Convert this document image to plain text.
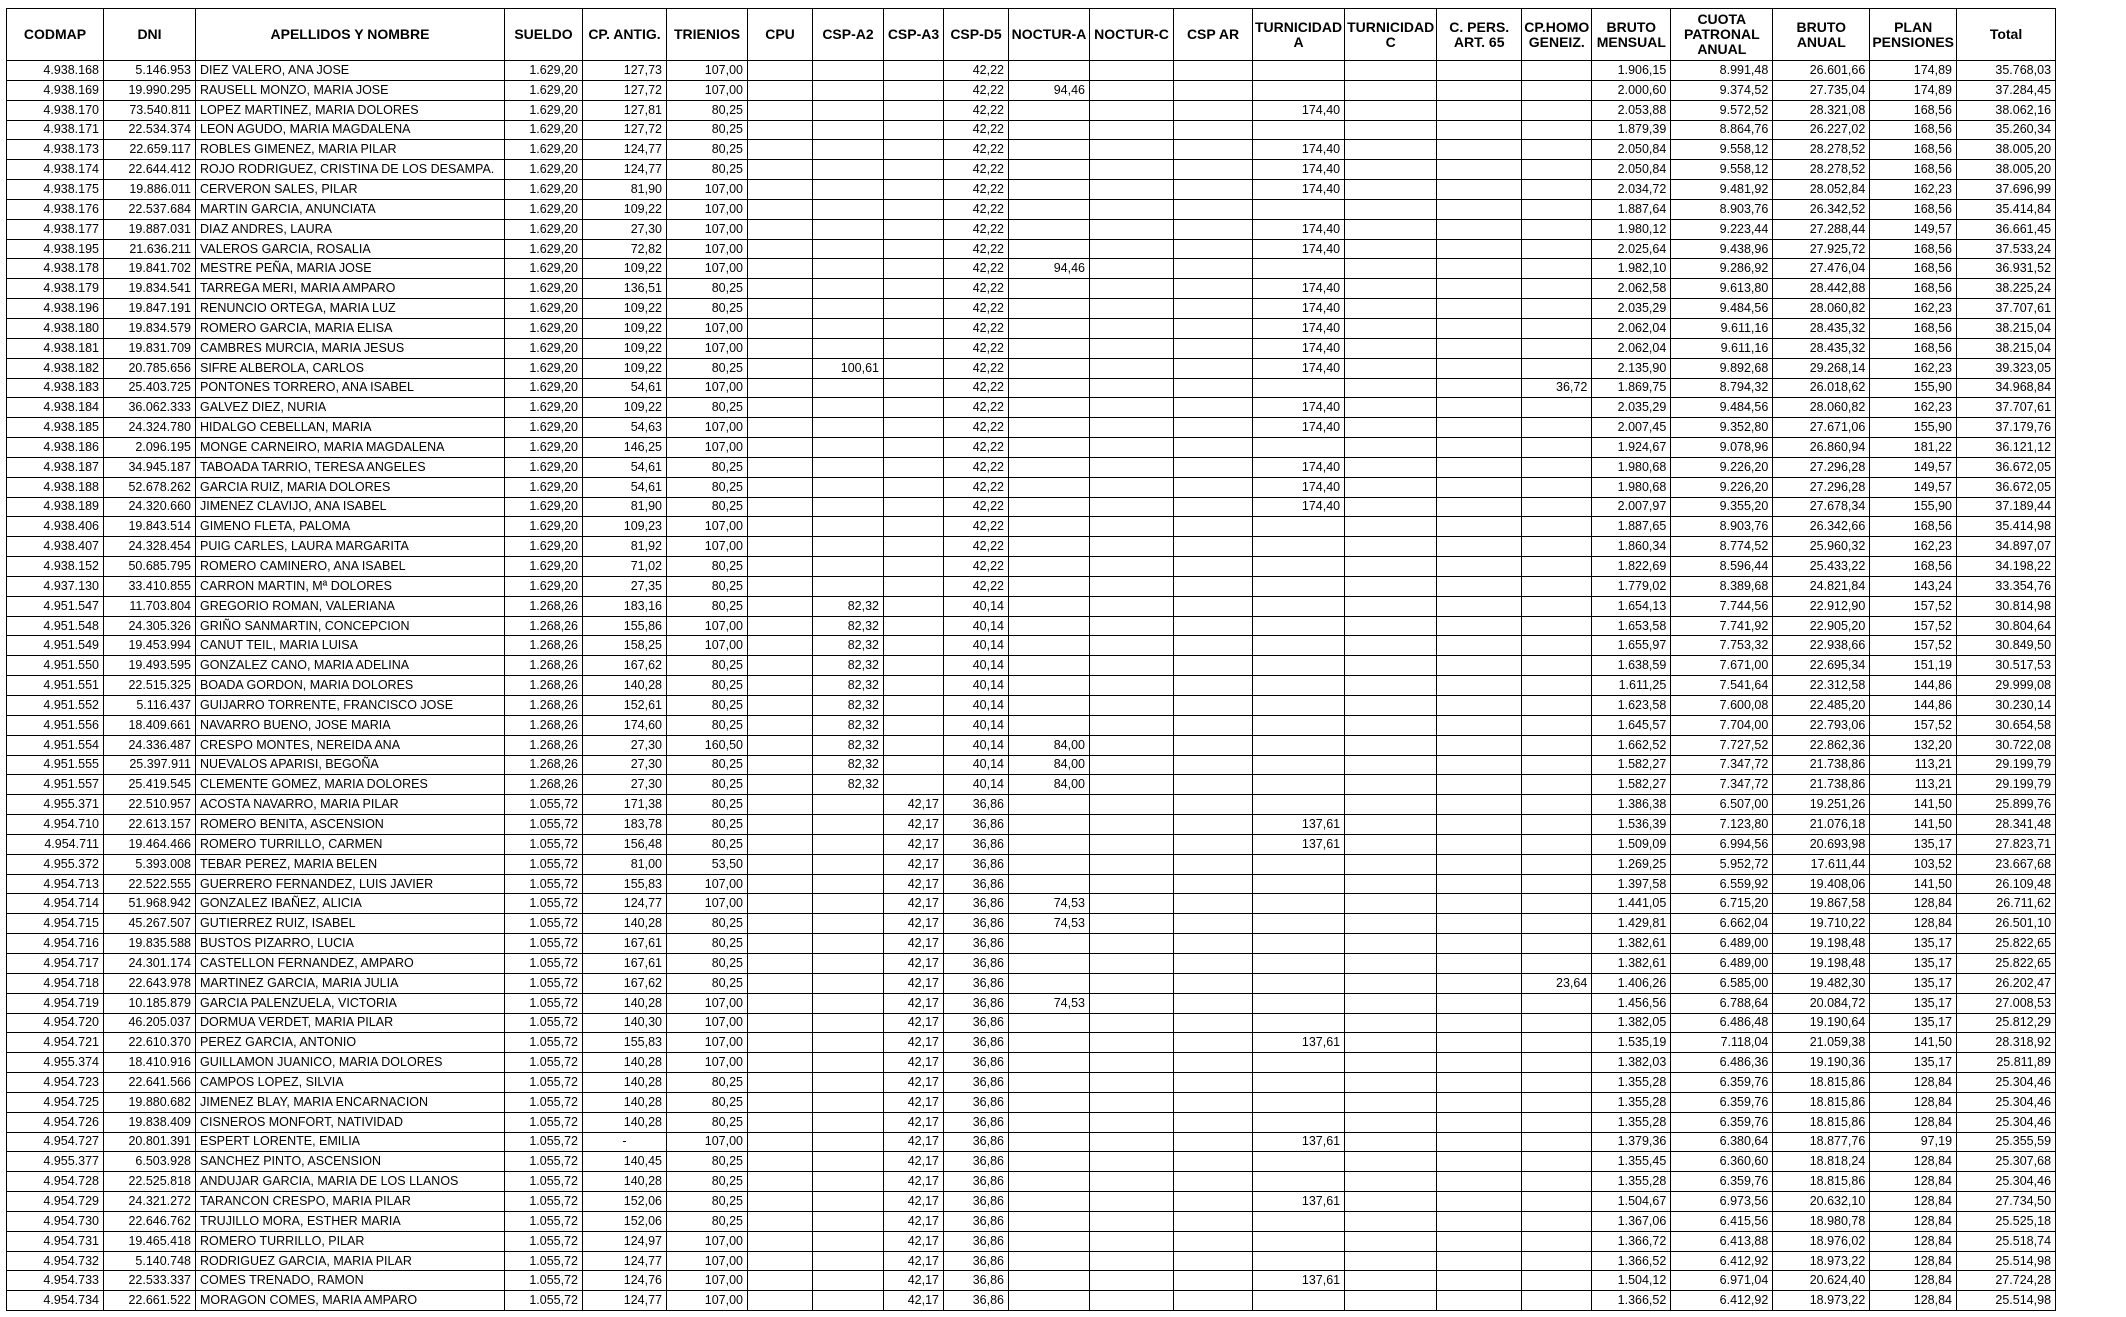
CODMAP	DNI	APELLIDOS Y NOMBRE	SUELDO	CP. ANTIG.	TRIENIOS	CPU	CSP-A2	CSP-A3	CSP-D5	NOCTUR-A	NOCTUR-C	CSP AR	TURNICIDAD A	TURNICIDAD C	C. PERS. ART. 65	CP.HOMO GENEIZ.	BRUTO MENSUAL	CUOTA PATRONAL ANUAL	BRUTO ANUAL	PLAN PENSIONES	Total
4.938.168	5.146.953	DIEZ VALERO, ANA JOSE	1.629,20	127,73	107,00				42,22								1.906,15	8.991,48	26.601,66	174,89	35.768,03
4.938.169	19.990.295	RAUSELL MONZO, MARIA JOSE	1.629,20	127,72	107,00				42,22	94,46							2.000,60	9.374,52	27.735,04	174,89	37.284,45
4.938.170	73.540.811	LOPEZ MARTINEZ, MARIA DOLORES	1.629,20	127,81	80,25				42,22				174,40				2.053,88	9.572,52	28.321,08	168,56	38.062,16
4.938.171	22.534.374	LEON AGUDO, MARIA MAGDALENA	1.629,20	127,72	80,25				42,22								1.879,39	8.864,76	26.227,02	168,56	35.260,34
4.938.173	22.659.117	ROBLES GIMENEZ, MARIA PILAR	1.629,20	124,77	80,25				42,22				174,40				2.050,84	9.558,12	28.278,52	168,56	38.005,20
4.938.174	22.644.412	ROJO RODRIGUEZ, CRISTINA DE LOS DESAMPA.	1.629,20	124,77	80,25				42,22				174,40				2.050,84	9.558,12	28.278,52	168,56	38.005,20
4.938.175	19.886.011	CERVERON SALES, PILAR	1.629,20	81,90	107,00				42,22				174,40				2.034,72	9.481,92	28.052,84	162,23	37.696,99
4.938.176	22.537.684	MARTIN GARCIA, ANUNCIATA	1.629,20	109,22	107,00				42,22								1.887,64	8.903,76	26.342,52	168,56	35.414,84
4.938.177	19.887.031	DIAZ ANDRES, LAURA	1.629,20	27,30	107,00				42,22				174,40				1.980,12	9.223,44	27.288,44	149,57	36.661,45
4.938.195	21.636.211	VALEROS GARCIA, ROSALIA	1.629,20	72,82	107,00				42,22				174,40				2.025,64	9.438,96	27.925,72	168,56	37.533,24
4.938.178	19.841.702	MESTRE PEÑA, MARIA JOSE	1.629,20	109,22	107,00				42,22	94,46							1.982,10	9.286,92	27.476,04	168,56	36.931,52
4.938.179	19.834.541	TARREGA MERI, MARIA AMPARO	1.629,20	136,51	80,25				42,22				174,40				2.062,58	9.613,80	28.442,88	168,56	38.225,24
4.938.196	19.847.191	RENUNCIO ORTEGA, MARIA LUZ	1.629,20	109,22	80,25				42,22				174,40				2.035,29	9.484,56	28.060,82	162,23	37.707,61
4.938.180	19.834.579	ROMERO GARCIA, MARIA ELISA	1.629,20	109,22	107,00				42,22				174,40				2.062,04	9.611,16	28.435,32	168,56	38.215,04
4.938.181	19.831.709	CAMBRES MURCIA, MARIA JESUS	1.629,20	109,22	107,00				42,22				174,40				2.062,04	9.611,16	28.435,32	168,56	38.215,04
4.938.182	20.785.656	SIFRE ALBEROLA, CARLOS	1.629,20	109,22	80,25		100,61		42,22				174,40				2.135,90	9.892,68	29.268,14	162,23	39.323,05
4.938.183	25.403.725	PONTONES TORRERO, ANA ISABEL	1.629,20	54,61	107,00				42,22							36,72	1.869,75	8.794,32	26.018,62	155,90	34.968,84
4.938.184	36.062.333	GALVEZ DIEZ, NURIA	1.629,20	109,22	80,25				42,22				174,40				2.035,29	9.484,56	28.060,82	162,23	37.707,61
4.938.185	24.324.780	HIDALGO CEBELLAN, MARIA	1.629,20	54,63	107,00				42,22				174,40				2.007,45	9.352,80	27.671,06	155,90	37.179,76
4.938.186	2.096.195	MONGE CARNEIRO, MARIA MAGDALENA	1.629,20	146,25	107,00				42,22								1.924,67	9.078,96	26.860,94	181,22	36.121,12
4.938.187	34.945.187	TABOADA TARRIO, TERESA ANGELES	1.629,20	54,61	80,25				42,22				174,40				1.980,68	9.226,20	27.296,28	149,57	36.672,05
4.938.188	52.678.262	GARCIA RUIZ, MARIA DOLORES	1.629,20	54,61	80,25				42,22				174,40				1.980,68	9.226,20	27.296,28	149,57	36.672,05
4.938.189	24.320.660	JIMENEZ CLAVIJO, ANA ISABEL	1.629,20	81,90	80,25				42,22				174,40				2.007,97	9.355,20	27.678,34	155,90	37.189,44
4.938.406	19.843.514	GIMENO FLETA, PALOMA	1.629,20	109,23	107,00				42,22								1.887,65	8.903,76	26.342,66	168,56	35.414,98
4.938.407	24.328.454	PUIG CARLES, LAURA MARGARITA	1.629,20	81,92	107,00				42,22								1.860,34	8.774,52	25.960,32	162,23	34.897,07
4.938.152	50.685.795	ROMERO CAMINERO, ANA ISABEL	1.629,20	71,02	80,25				42,22								1.822,69	8.596,44	25.433,22	168,56	34.198,22
4.937.130	33.410.855	CARRON MARTIN, Mª DOLORES	1.629,20	27,35	80,25				42,22								1.779,02	8.389,68	24.821,84	143,24	33.354,76
4.951.547	11.703.804	GREGORIO ROMAN, VALERIANA	1.268,26	183,16	80,25		82,32		40,14								1.654,13	7.744,56	22.912,90	157,52	30.814,98
4.951.548	24.305.326	GRIÑO SANMARTIN, CONCEPCION	1.268,26	155,86	107,00		82,32		40,14								1.653,58	7.741,92	22.905,20	157,52	30.804,64
4.951.549	19.453.994	CANUT TEIL, MARIA LUISA	1.268,26	158,25	107,00		82,32		40,14								1.655,97	7.753,32	22.938,66	157,52	30.849,50
4.951.550	19.493.595	GONZALEZ CANO, MARIA ADELINA	1.268,26	167,62	80,25		82,32		40,14								1.638,59	7.671,00	22.695,34	151,19	30.517,53
4.951.551	22.515.325	BOADA GORDON, MARIA DOLORES	1.268,26	140,28	80,25		82,32		40,14								1.611,25	7.541,64	22.312,58	144,86	29.999,08
4.951.552	5.116.437	GUIJARRO TORRENTE, FRANCISCO JOSE	1.268,26	152,61	80,25		82,32		40,14								1.623,58	7.600,08	22.485,20	144,86	30.230,14
4.951.556	18.409.661	NAVARRO BUENO, JOSE MARIA	1.268,26	174,60	80,25		82,32		40,14								1.645,57	7.704,00	22.793,06	157,52	30.654,58
4.951.554	24.336.487	CRESPO MONTES, NEREIDA ANA	1.268,26	27,30	160,50		82,32		40,14	84,00							1.662,52	7.727,52	22.862,36	132,20	30.722,08
4.951.555	25.397.911	NUEVALOS APARISI, BEGOÑA	1.268,26	27,30	80,25		82,32		40,14	84,00							1.582,27	7.347,72	21.738,86	113,21	29.199,79
4.951.557	25.419.545	CLEMENTE GOMEZ, MARIA DOLORES	1.268,26	27,30	80,25		82,32		40,14	84,00							1.582,27	7.347,72	21.738,86	113,21	29.199,79
4.955.371	22.510.957	ACOSTA NAVARRO, MARIA PILAR	1.055,72	171,38	80,25			42,17	36,86								1.386,38	6.507,00	19.251,26	141,50	25.899,76
4.954.710	22.613.157	ROMERO BENITA, ASCENSION	1.055,72	183,78	80,25			42,17	36,86				137,61				1.536,39	7.123,80	21.076,18	141,50	28.341,48
4.954.711	19.464.466	ROMERO TURRILLO, CARMEN	1.055,72	156,48	80,25			42,17	36,86				137,61				1.509,09	6.994,56	20.693,98	135,17	27.823,71
4.955.372	5.393.008	TEBAR PEREZ, MARIA BELEN	1.055,72	81,00	53,50			42,17	36,86								1.269,25	5.952,72	17.611,44	103,52	23.667,68
4.954.713	22.522.555	GUERRERO FERNANDEZ, LUIS JAVIER	1.055,72	155,83	107,00			42,17	36,86								1.397,58	6.559,92	19.408,06	141,50	26.109,48
4.954.714	51.968.942	GONZALEZ IBAÑEZ, ALICIA	1.055,72	124,77	107,00			42,17	36,86	74,53							1.441,05	6.715,20	19.867,58	128,84	26.711,62
4.954.715	45.267.507	GUTIERREZ RUIZ, ISABEL	1.055,72	140,28	80,25			42,17	36,86	74,53							1.429,81	6.662,04	19.710,22	128,84	26.501,10
4.954.716	19.835.588	BUSTOS PIZARRO, LUCIA	1.055,72	167,61	80,25			42,17	36,86								1.382,61	6.489,00	19.198,48	135,17	25.822,65
4.954.717	24.301.174	CASTELLON FERNANDEZ, AMPARO	1.055,72	167,61	80,25			42,17	36,86								1.382,61	6.489,00	19.198,48	135,17	25.822,65
4.954.718	22.643.978	MARTINEZ GARCIA, MARIA JULIA	1.055,72	167,62	80,25			42,17	36,86							23,64	1.406,26	6.585,00	19.482,30	135,17	26.202,47
4.954.719	10.185.879	GARCIA PALENZUELA, VICTORIA	1.055,72	140,28	107,00			42,17	36,86	74,53							1.456,56	6.788,64	20.084,72	135,17	27.008,53
4.954.720	46.205.037	DORMUA VERDET, MARIA PILAR	1.055,72	140,30	107,00			42,17	36,86								1.382,05	6.486,48	19.190,64	135,17	25.812,29
4.954.721	22.610.370	PEREZ GARCIA, ANTONIO	1.055,72	155,83	107,00			42,17	36,86				137,61				1.535,19	7.118,04	21.059,38	141,50	28.318,92
4.955.374	18.410.916	GUILLAMON JUANICO, MARIA DOLORES	1.055,72	140,28	107,00			42,17	36,86								1.382,03	6.486,36	19.190,36	135,17	25.811,89
4.954.723	22.641.566	CAMPOS LOPEZ, SILVIA	1.055,72	140,28	80,25			42,17	36,86								1.355,28	6.359,76	18.815,86	128,84	25.304,46
4.954.725	19.880.682	JIMENEZ BLAY, MARIA ENCARNACION	1.055,72	140,28	80,25			42,17	36,86								1.355,28	6.359,76	18.815,86	128,84	25.304,46
4.954.726	19.838.409	CISNEROS MONFORT, NATIVIDAD	1.055,72	140,28	80,25			42,17	36,86								1.355,28	6.359,76	18.815,86	128,84	25.304,46
4.954.727	20.801.391	ESPERT LORENTE, EMILIA	1.055,72	-	107,00			42,17	36,86				137,61				1.379,36	6.380,64	18.877,76	97,19	25.355,59
4.955.377	6.503.928	SANCHEZ PINTO, ASCENSION	1.055,72	140,45	80,25			42,17	36,86								1.355,45	6.360,60	18.818,24	128,84	25.307,68
4.954.728	22.525.818	ANDUJAR GARCIA, MARIA DE LOS LLANOS	1.055,72	140,28	80,25			42,17	36,86								1.355,28	6.359,76	18.815,86	128,84	25.304,46
4.954.729	24.321.272	TARANCON CRESPO, MARIA PILAR	1.055,72	152,06	80,25			42,17	36,86				137,61				1.504,67	6.973,56	20.632,10	128,84	27.734,50
4.954.730	22.646.762	TRUJILLO MORA, ESTHER MARIA	1.055,72	152,06	80,25			42,17	36,86								1.367,06	6.415,56	18.980,78	128,84	25.525,18
4.954.731	19.465.418	ROMERO TURRILLO, PILAR	1.055,72	124,97	107,00			42,17	36,86								1.366,72	6.413,88	18.976,02	128,84	25.518,74
4.954.732	5.140.748	RODRIGUEZ GARCIA, MARIA PILAR	1.055,72	124,77	107,00			42,17	36,86								1.366,52	6.412,92	18.973,22	128,84	25.514,98
4.954.733	22.533.337	COMES TRENADO, RAMON	1.055,72	124,76	107,00			42,17	36,86				137,61				1.504,12	6.971,04	20.624,40	128,84	27.724,28
4.954.734	22.661.522	MORAGON COMES, MARIA AMPARO	1.055,72	124,77	107,00			42,17	36,86								1.366,52	6.412,92	18.973,22	128,84	25.514,98
